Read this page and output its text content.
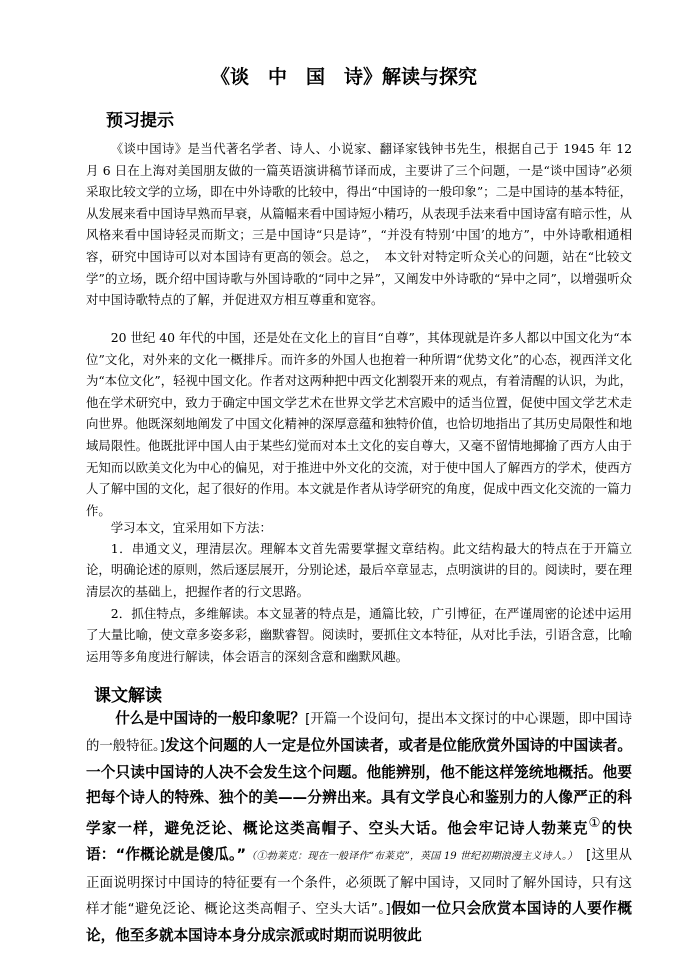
《谈　中　国　诗》解读与探究
预习提示
《谈中国诗》是当代著名学者、诗人、小说家、翻译家钱钟书先生，根据自己于 1945 年 12 月 6 日在上海对美国朋友做的一篇英语演讲稿节译而成，主要讲了三个问题，一是“谈中国诗”必须采取比较文学的立场，即在中外诗歌的比较中，得出“中国诗的一般印象”；二是中国诗的基本特征，从发展来看中国诗早熟而早衰，从篇幅来看中国诗短小精巧，从表现手法来看中国诗富有暗示性，从风格来看中国诗轻灵而斯文；三是中国诗“只是诗”，“并没有特别‘中国’的地方”，中外诗歌相通相容，研究中国诗可以对本国诗有更高的领会。总之，　本文针对特定听众关心的问题，站在“比较文学”的立场，既介绍中国诗歌与外国诗歌的“同中之异”，又阐发中外诗歌的“异中之同”，以增强听众对中国诗歌特点的了解，并促进双方相互尊重和宽容。
20 世纪 40 年代的中国，还是处在文化上的盲目“自尊”，其体现就是许多人都以中国文化为“本位”文化，对外来的文化一概排斥。而许多的外国人也抱着一种所谓“优势文化”的心态，视西洋文化为“本位文化”，轻视中国文化。作者对这两种把中西文化割裂开来的观点，有着清醒的认识，为此，他在学术研究中，致力于确定中国文学艺术在世界文学艺术宫殿中的适当位置，促使中国文学艺术走向世界。他既深刻地阐发了中国文化精神的深厚意蕴和独特价值，也恰切地指出了其历史局限性和地域局限性。他既批评中国人由于某些幻觉而对本土文化的妄自尊大，又毫不留情地揶揄了西方人由于无知而以欧美文化为中心的偏见，对于推进中外文化的交流，对于使中国人了解西方的学术，使西方人了解中国的文化，起了很好的作用。本文就是作者从诗学研究的角度，促成中西文化交流的一篇力作。
学习本文，宜采用如下方法：
1．串通文义，理清层次。理解本文首先需要掌握文章结构。此文结构最大的特点在于开篇立论，明确论述的原则，然后逐层展开，分别论述，最后卒章显志，点明演讲的目的。阅读时，要在理清层次的基础上，把握作者的行文思路。
2．抓住特点，多维解读。本文显著的特点是，通篇比较，广引博征，在严谨周密的论述中运用了大量比喻，使文章多姿多彩，幽默睿智。阅读时，要抓住文本特征，从对比手法，引语含意，比喻运用等多角度进行解读，体会语言的深刻含意和幽默风趣。
课文解读
什么是中国诗的一般印象呢？[开篇一个设问句，提出本文探讨的中心课题，即中国诗的一般特征。]发这个问题的人一定是位外国读者，或者是位能欣赏外国诗的中国读者。一个只读中国诗的人决不会发生这个问题。他能辨别，他不能这样笼统地概括。他要把每个诗人的特殊、独个的美——分辨出来。具有文学良心和鉴别力的人像严正的科学家一样，避免泛论、概论这类高帽子、空头大话。他会牢记诗人勃莱克①的快语：“作概论就是傻瓜。”（①勃莱克：现在一般译作“布莱克”，英国 19 世纪初期浪漫主义诗人。）　[这里从正面说明探讨中国诗的特征要有一个条件，必须既了解中国诗，又同时了解外国诗，只有这样才能“避免泛论、概论这类高帽子、空头大话”。]假如一位只会欣赏本国诗的人要作概论，他至多就本国诗本身分成宗派或时期而说明彼此
